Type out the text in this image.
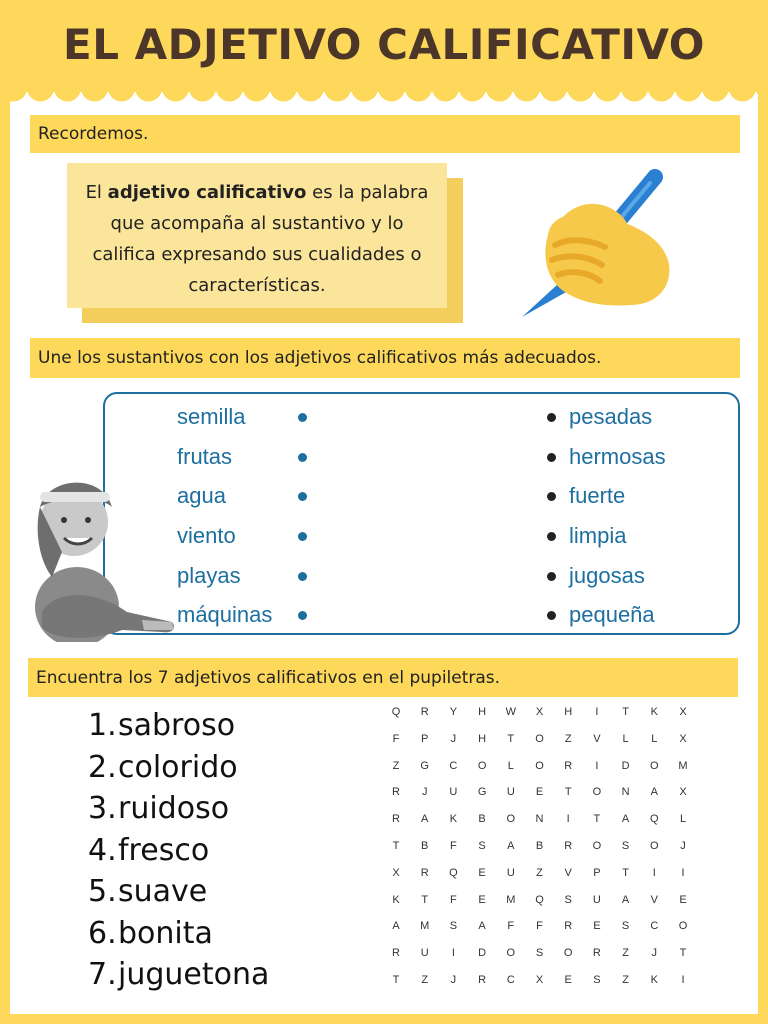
TIAMOSHORELLS
EL ADJETIVO CALIFICATIVO
Recordemos.
El adjetivo calificativo es la palabra que acompaña al sustantivo y lo califica expresando sus cualidades o características.
Une los sustantivos con los adjetivos calificativos más adecuados.
semilla
frutas
agua
viento
playas
máquinas
pesadas
hermosas
fuerte
limpia
jugosas
pequeña
Encuentra los 7 adjetivos calificativos en el pupiletras.
1.sabroso
2.colorido
3.ruidoso
4.fresco
5.suave
6.bonita
7.juguetona
Q	R	Y	H	W	X	H	I	T	K	X
F	P	J	H	T	O	Z	V	L	L	X
Z	G	C	O	L	O	R	I	D	O	M
R	J	U	G	U	E	T	O	N	A	X
R	A	K	B	O	N	I	T	A	Q	L
T	B	F	S	A	B	R	O	S	O	J
X	R	Q	E	U	Z	V	P	T	I	I
K	T	F	E	M	Q	S	U	A	V	E
A	M	S	A	F	F	R	E	S	C	O
R	U	I	D	O	S	O	R	Z	J	T
T	Z	J	R	C	X	E	S	Z	K	I
